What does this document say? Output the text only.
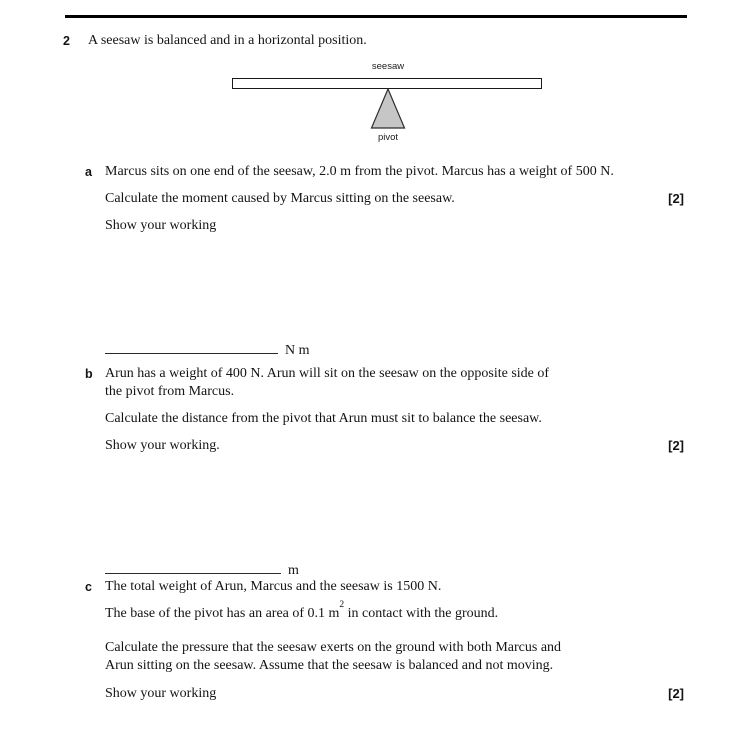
2 A seesaw is balanced and in a horizontal position.
seesaw
pivot
a Marcus sits on one end of the seesaw, 2.0 m from the pivot. Marcus has a weight of 500 N.
Calculate the moment caused by Marcus sitting on the seesaw.	[2]
Show your working
N m
b Arun has a weight of 400 N. Arun will sit on the seesaw on the opposite side of
the pivot from Marcus.
Calculate the distance from the pivot that Arun must sit to balance the seesaw.
Show your working.	[2]
m
c The total weight of Arun, Marcus and the seesaw is 1500 N.
The base of the pivot has an area of 0.1 $m^2$ in contact with the ground.
Calculate the pressure that the seesaw exerts on the ground with both Marcus and
Arun sitting on the seesaw. Assume that the seesaw is balanced and not moving.
Show your working	[2]
